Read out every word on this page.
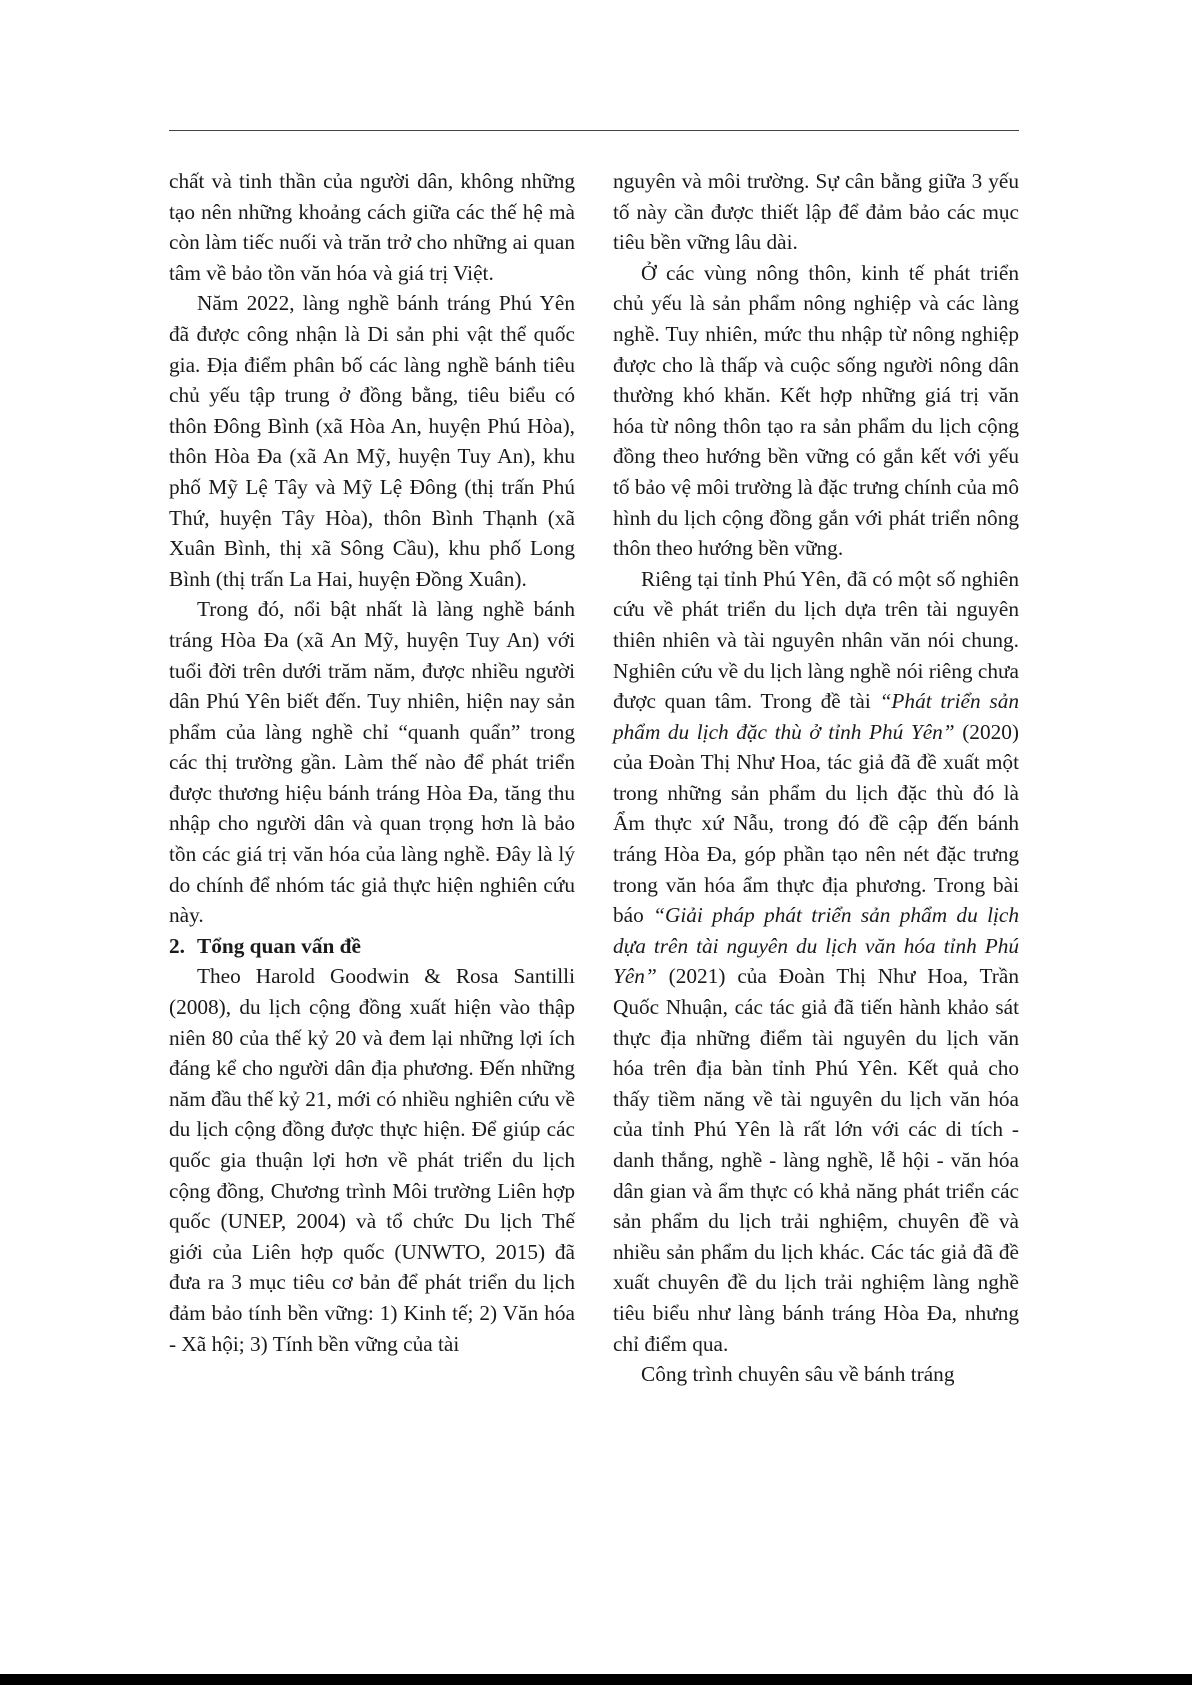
chất và tinh thần của người dân, không những tạo nên những khoảng cách giữa các thế hệ mà còn làm tiếc nuối và trăn trở cho những ai quan tâm về bảo tồn văn hóa và giá trị Việt.

Năm 2022, làng nghề bánh tráng Phú Yên đã được công nhận là Di sản phi vật thể quốc gia. Địa điểm phân bố các làng nghề bánh tiêu chủ yếu tập trung ở đồng bằng, tiêu biểu có thôn Đông Bình (xã Hòa An, huyện Phú Hòa), thôn Hòa Đa (xã An Mỹ, huyện Tuy An), khu phố Mỹ Lệ Tây và Mỹ Lệ Đông (thị trấn Phú Thứ, huyện Tây Hòa), thôn Bình Thạnh (xã Xuân Bình, thị xã Sông Cầu), khu phố Long Bình (thị trấn La Hai, huyện Đồng Xuân).

Trong đó, nổi bật nhất là làng nghề bánh tráng Hòa Đa (xã An Mỹ, huyện Tuy An) với tuổi đời trên dưới trăm năm, được nhiều người dân Phú Yên biết đến. Tuy nhiên, hiện nay sản phẩm của làng nghề chỉ “quanh quẩn” trong các thị trường gần. Làm thế nào để phát triển được thương hiệu bánh tráng Hòa Đa, tăng thu nhập cho người dân và quan trọng hơn là bảo tồn các giá trị văn hóa của làng nghề. Đây là lý do chính để nhóm tác giả thực hiện nghiên cứu này.

2. Tổng quan vấn đề

Theo Harold Goodwin & Rosa Santilli (2008), du lịch cộng đồng xuất hiện vào thập niên 80 của thế kỷ 20 và đem lại những lợi ích đáng kể cho người dân địa phương. Đến những năm đầu thế kỷ 21, mới có nhiều nghiên cứu về du lịch cộng đồng được thực hiện. Để giúp các quốc gia thuận lợi hơn về phát triển du lịch cộng đồng, Chương trình Môi trường Liên hợp quốc (UNEP, 2004) và tổ chức Du lịch Thế giới của Liên hợp quốc (UNWTO, 2015) đã đưa ra 3 mục tiêu cơ bản để phát triển du lịch đảm bảo tính bền vững: 1) Kinh tế; 2) Văn hóa - Xã hội; 3) Tính bền vững của tài

nguyên và môi trường. Sự cân bằng giữa 3 yếu tố này cần được thiết lập để đảm bảo các mục tiêu bền vững lâu dài.

Ở các vùng nông thôn, kinh tế phát triển chủ yếu là sản phẩm nông nghiệp và các làng nghề. Tuy nhiên, mức thu nhập từ nông nghiệp được cho là thấp và cuộc sống người nông dân thường khó khăn. Kết hợp những giá trị văn hóa từ nông thôn tạo ra sản phẩm du lịch cộng đồng theo hướng bền vững có gắn kết với yếu tố bảo vệ môi trường là đặc trưng chính của mô hình du lịch cộng đồng gắn với phát triển nông thôn theo hướng bền vững.

Riêng tại tỉnh Phú Yên, đã có một số nghiên cứu về phát triển du lịch dựa trên tài nguyên thiên nhiên và tài nguyên nhân văn nói chung. Nghiên cứu về du lịch làng nghề nói riêng chưa được quan tâm. Trong đề tài “Phát triển sản phẩm du lịch đặc thù ở tỉnh Phú Yên” (2020) của Đoàn Thị Như Hoa, tác giả đã đề xuất một trong những sản phẩm du lịch đặc thù đó là Ẩm thực xứ Nẫu, trong đó đề cập đến bánh tráng Hòa Đa, góp phần tạo nên nét đặc trưng trong văn hóa ẩm thực địa phương. Trong bài báo “Giải pháp phát triển sản phẩm du lịch dựa trên tài nguyên du lịch văn hóa tỉnh Phú Yên” (2021) của Đoàn Thị Như Hoa, Trần Quốc Nhuận, các tác giả đã tiến hành khảo sát thực địa những điểm tài nguyên du lịch văn hóa trên địa bàn tỉnh Phú Yên. Kết quả cho thấy tiềm năng về tài nguyên du lịch văn hóa của tỉnh Phú Yên là rất lớn với các di tích - danh thắng, nghề - làng nghề, lễ hội - văn hóa dân gian và ẩm thực có khả năng phát triển các sản phẩm du lịch trải nghiệm, chuyên đề và nhiều sản phẩm du lịch khác. Các tác giả đã đề xuất chuyên đề du lịch trải nghiệm làng nghề tiêu biểu như làng bánh tráng Hòa Đa, nhưng chỉ điểm qua.

Công trình chuyên sâu về bánh tráng
